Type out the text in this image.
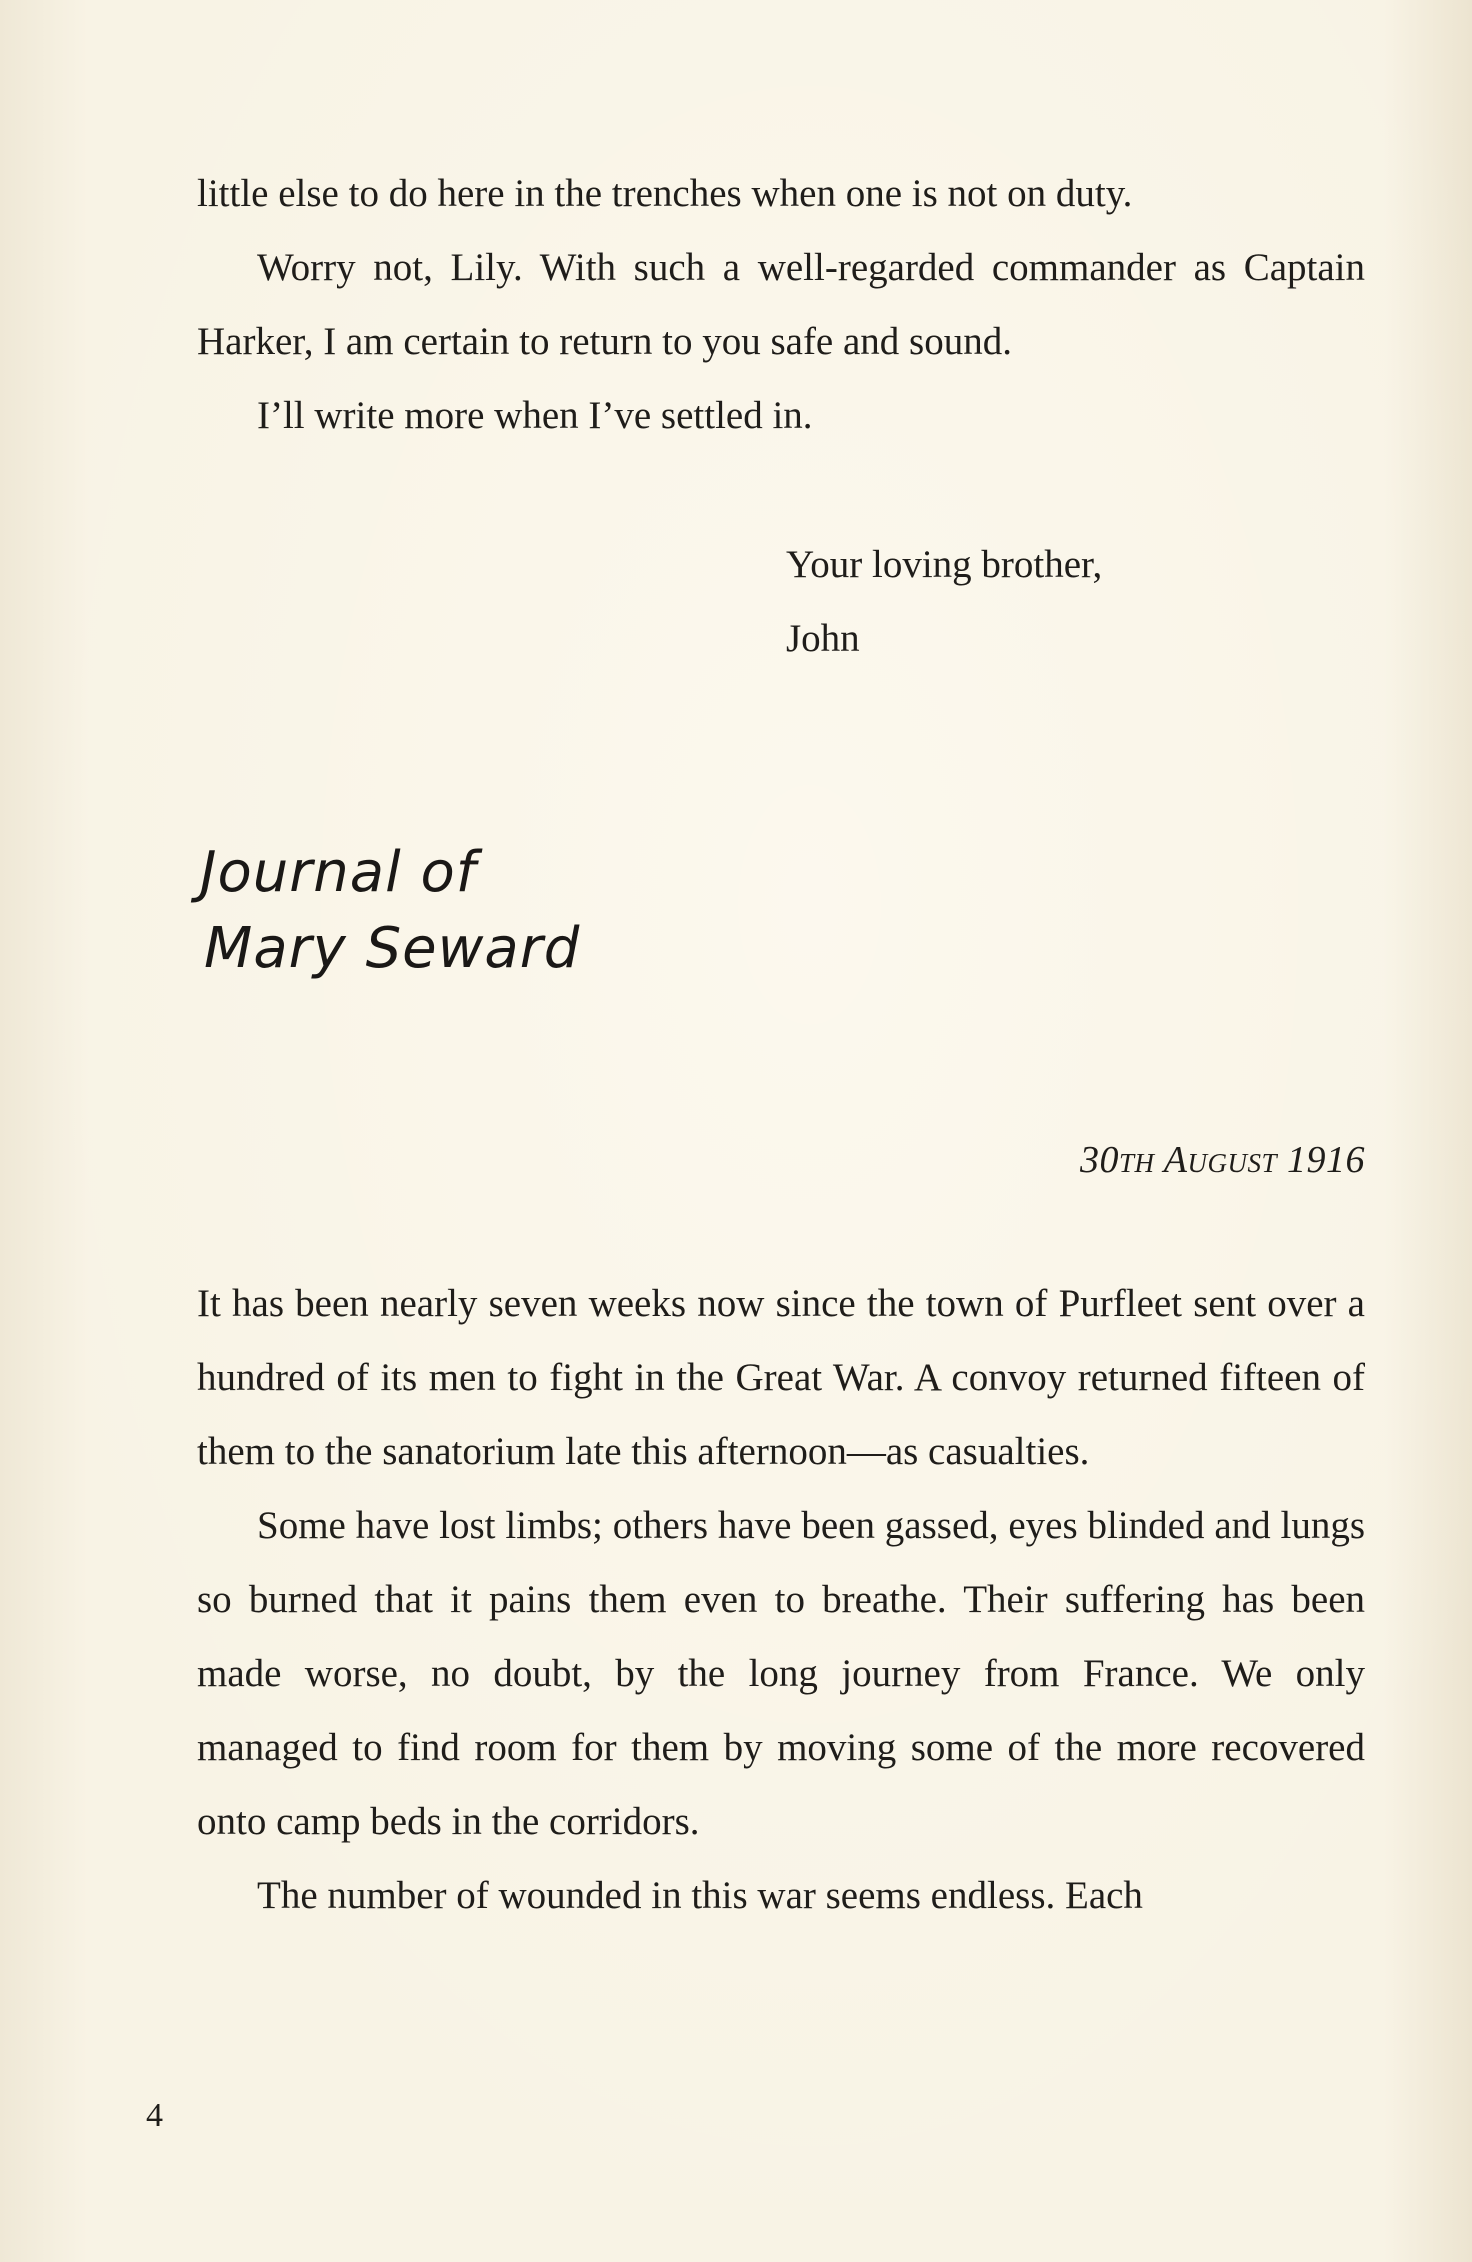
little else to do here in the trenches when one is not on duty.

Worry not, Lily. With such a well-regarded commander as Captain Harker, I am certain to return to you safe and sound.

I’ll write more when I’ve settled in.

Your loving brother,
John
Journal of
Mary Seward
30th August 1916

It has been nearly seven weeks now since the town of Purfleet sent over a hundred of its men to fight in the Great War. A convoy returned fifteen of them to the sanatorium late this afternoon—as casualties.

Some have lost limbs; others have been gassed, eyes blinded and lungs so burned that it pains them even to breathe. Their suffering has been made worse, no doubt, by the long journey from France. We only managed to find room for them by moving some of the more recovered onto camp beds in the corridors.

The number of wounded in this war seems endless. Each

4
